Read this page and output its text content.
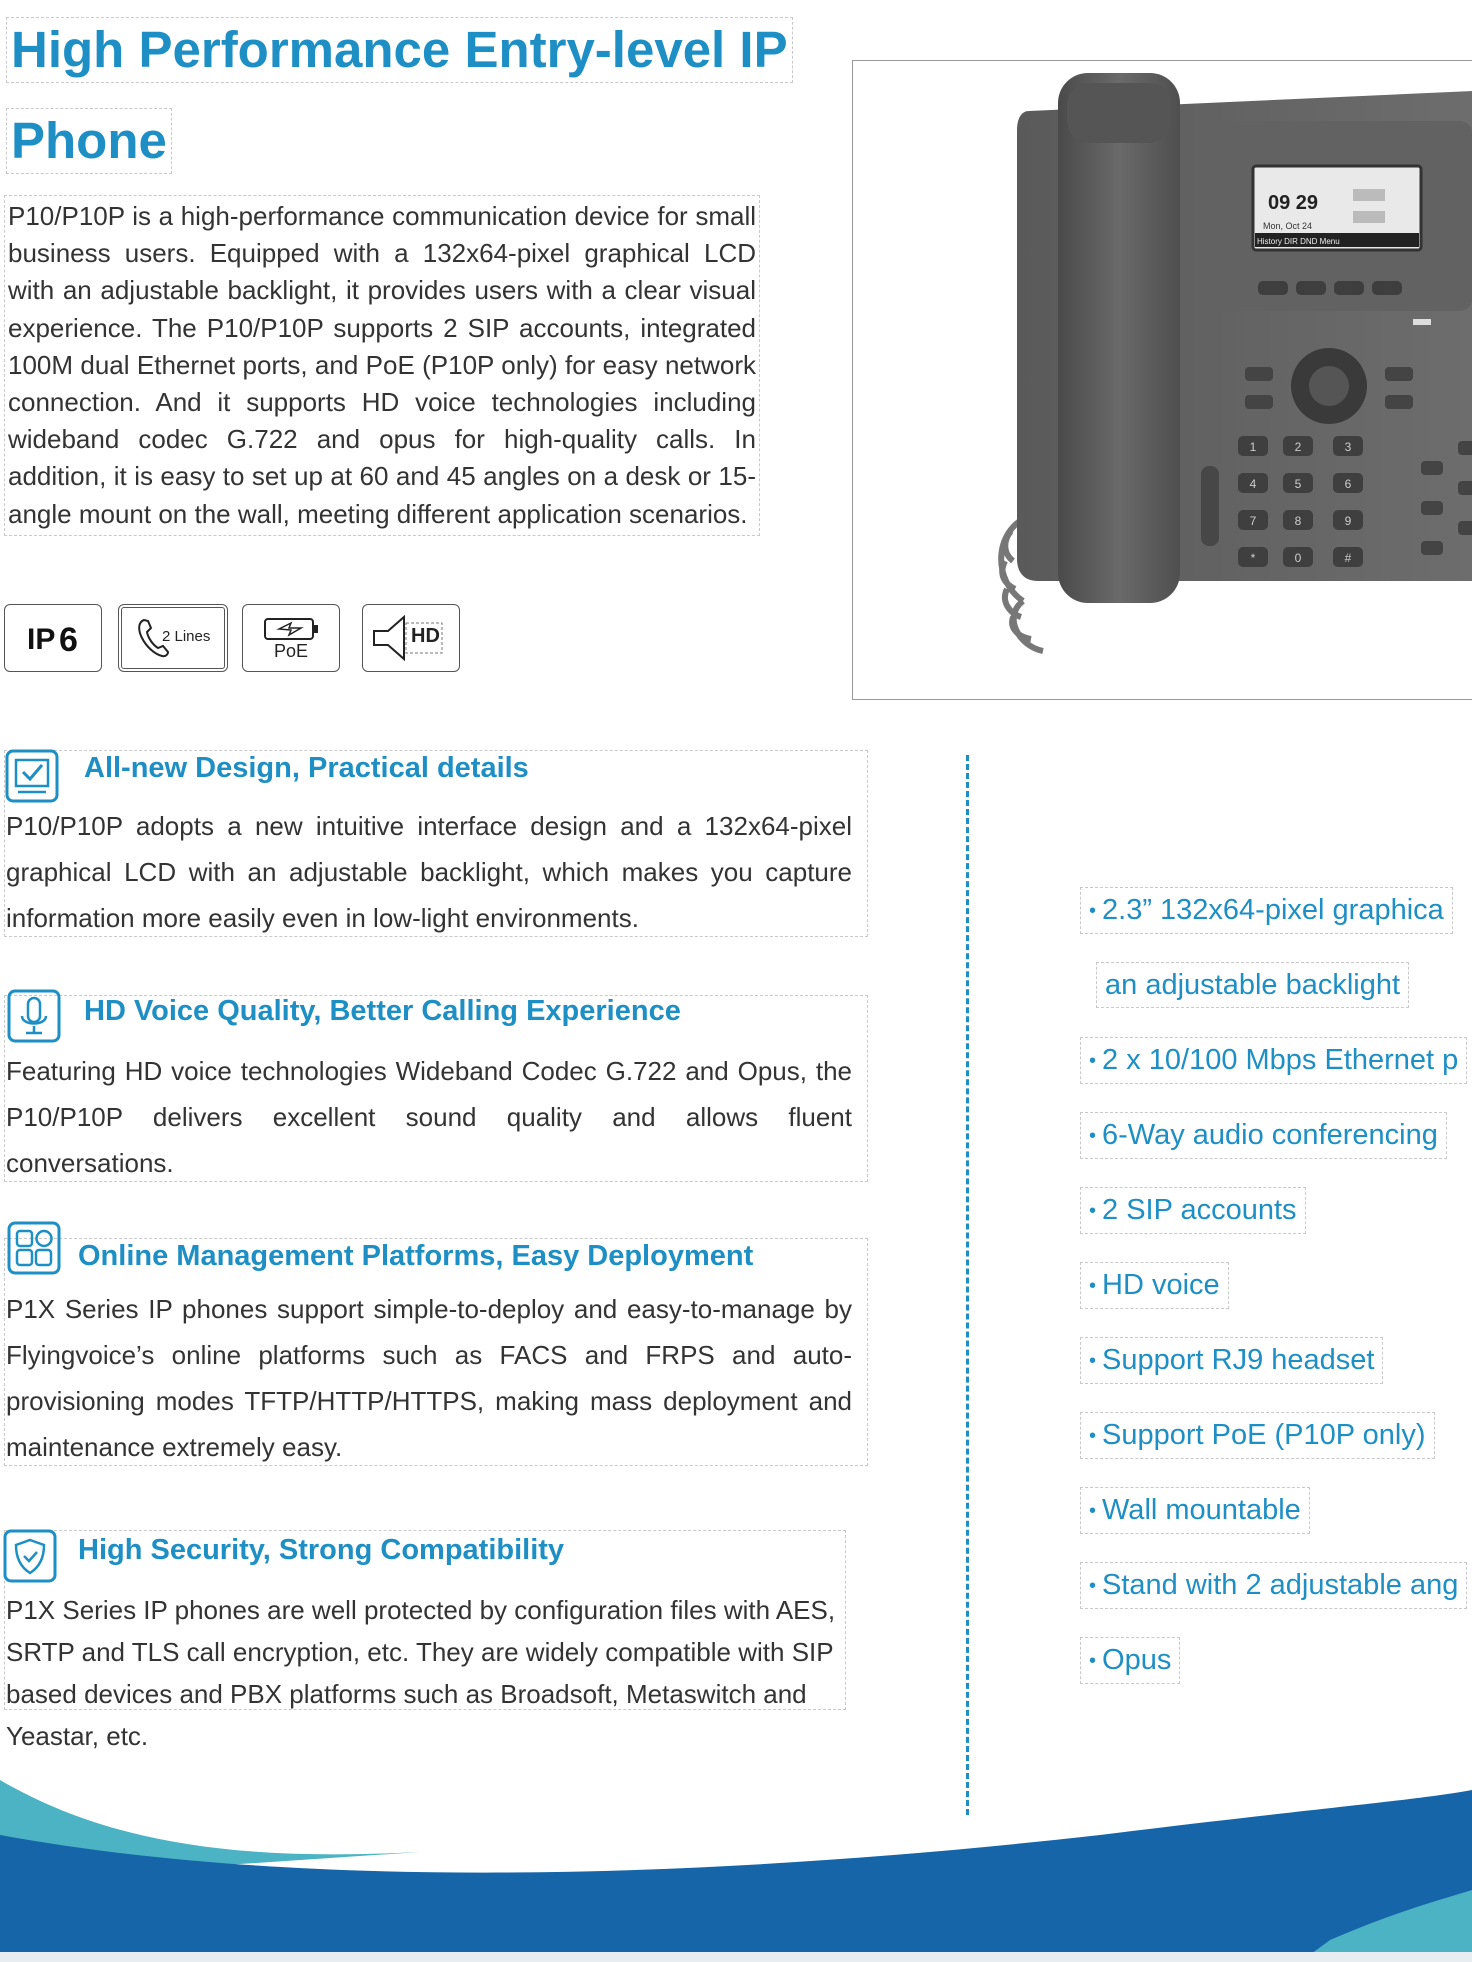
High Performance Entry-level IP
Phone
P10/P10P is a high-performance communication device for small business users. Equipped with a 132x64-pixel graphical LCD with an adjustable backlight, it provides users with a clear visual experience. The P10/P10P supports 2 SIP accounts, integrated 100M dual Ethernet ports, and PoE (P10P only) for easy network connection. And it supports HD voice technologies including wideband codec G.722 and opus for high-quality calls. In addition, it is easy to set up at 60 and 45 angles on a desk or 15-angle mount on the wall, meeting different application scenarios.
IP 6	2 Lines
PoE
HD
09 29
Mon, Oct 24
History DIR DND Menu
1	2	3
4	5	6
7	8	9
*	0	#
All-new Design, Practical details
P10/P10P adopts a new intuitive interface design and a 132x64-pixel graphical LCD with an adjustable backlight, which makes you capture information more easily even in low-light environments.
HD Voice Quality, Better Calling Experience
Featuring HD voice technologies Wideband Codec G.722 and Opus, the P10/P10P delivers excellent sound quality and allows fluent conversations.
Online Management Platforms, Easy Deployment
P1X Series IP phones support simple-to-deploy and easy-to-manage by Flyingvoice’s online platforms such as FACS and FRPS and auto-provisioning modes TFTP/HTTP/HTTPS, making mass deployment and maintenance extremely easy.
High Security, Strong Compatibility
P1X Series IP phones are well protected by configuration files with AES, SRTP and TLS call encryption, etc. They are widely compatible with SIP based devices and PBX platforms such as Broadsoft, Metaswitch and Yeastar, etc.
• 2.3” 132x64-pixel graphica
an adjustable backlight
• 2 x 10/100 Mbps Ethernet p
• 6-Way audio conferencing
• 2 SIP accounts
• HD voice
• Support RJ9 headset
• Support PoE (P10P only)
• Wall mountable
• Stand with 2 adjustable ang
• Opus
